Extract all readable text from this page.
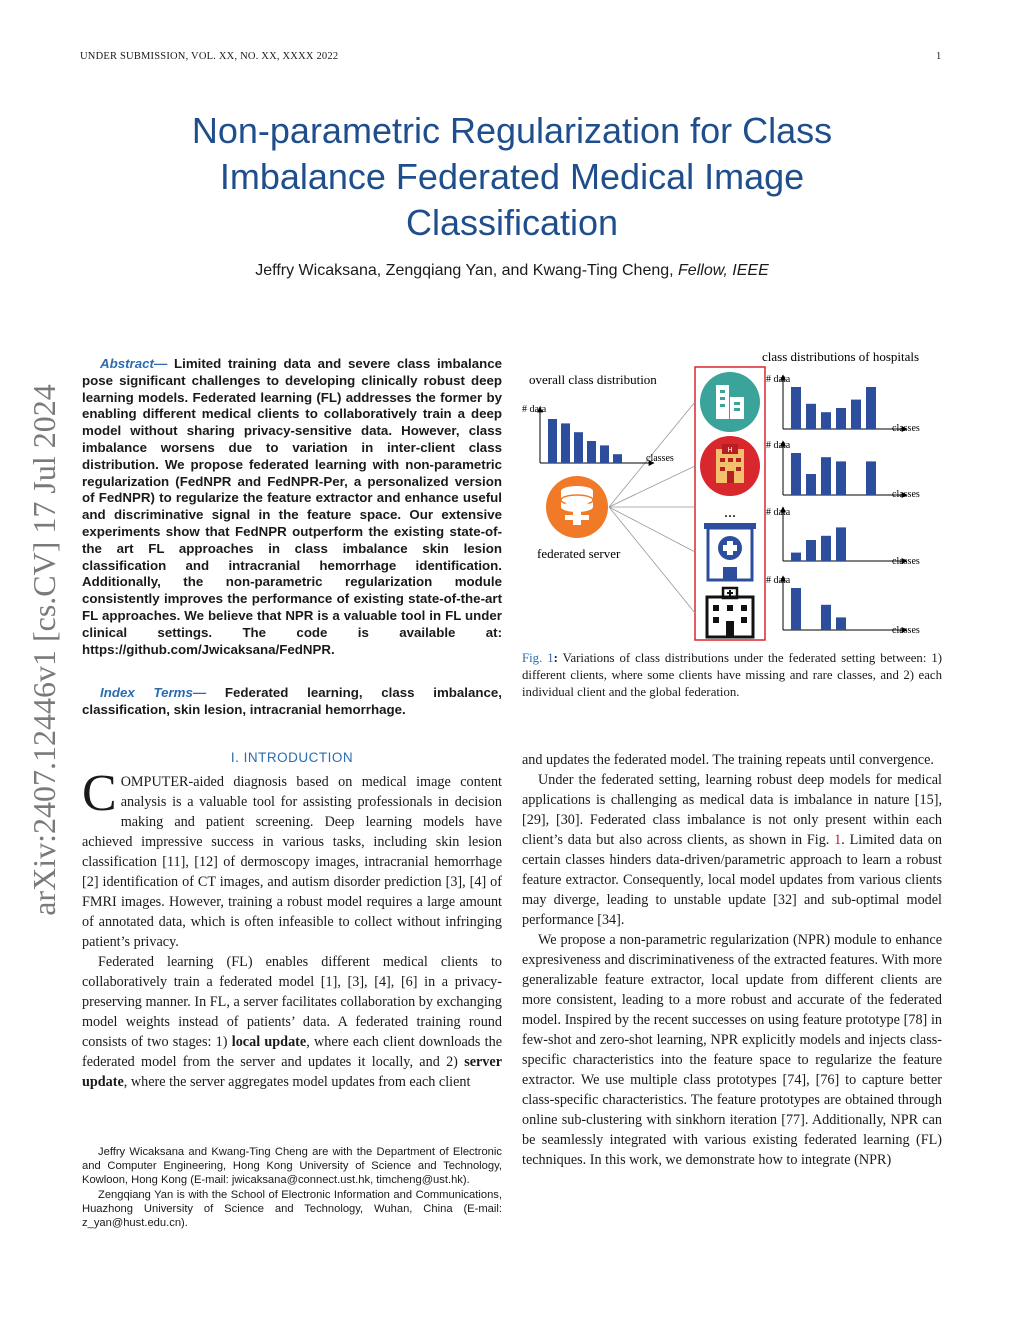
UNDER SUBMISSION, VOL. XX, NO. XX, XXXX 2022	1
Non-parametric Regularization for Class
Imbalance Federated Medical Image
Classification
Jeffry Wicaksana, Zengqiang Yan, and Kwang-Ting Cheng, Fellow, IEEE
arXiv:2407.12446v1 [cs.CV] 17 Jul 2024
Abstract— Limited training data and severe class imbalance pose significant challenges to developing clinically robust deep learning models. Federated learning (FL) addresses the former by enabling different medical clients to collaboratively train a deep model without sharing privacy-sensitive data. However, class imbalance worsens due to variation in inter-client class distribution. We propose federated learning with non-parametric regularization (FedNPR and FedNPR-Per, a personalized version of FedNPR) to regularize the feature extractor and enhance useful and discriminative signal in the feature space. Our extensive experiments show that FedNPR outperform the existing state-of-the art FL approaches in class imbalance skin lesion classification and intracranial hemorrhage identification. Additionally, the non-parametric regularization module consistently improves the performance of existing state-of-the-art FL approaches. We believe that NPR is a valuable tool in FL under clinical settings. The code is available at: https://github.com/Jwicaksana/FedNPR.
Index Terms— Federated learning, class imbalance, classification, skin lesion, intracranial hemorrhage.
I. INTRODUCTION

COMPUTER-aided diagnosis based on medical image content analysis is a valuable tool for assisting professionals in decision making and patient screening. Deep learning models have achieved impressive success in various tasks, including skin lesion classification [11], [12] of dermoscopy images, intracranial hemorrhage [2] identification of CT images, and autism disorder prediction [3], [4] of FMRI images. However, training a robust model requires a large amount of annotated data, which is often infeasible to collect without infringing patient’s privacy.

Federated learning (FL) enables different medical clients to collaboratively train a federated model [1], [3], [4], [6] in a privacy-preserving manner. In FL, a server facilitates collaboration by exchanging model weights instead of patients’ data. A federated training round consists of two stages: 1) local update, where each client downloads the federated model from the server and updates it locally, and 2) server update, where the server aggregates model updates from each client

Jeffry Wicaksana and Kwang-Ting Cheng are with the Department of Electronic and Computer Engineering, Hong Kong University of Science and Technology, Kowloon, Hong Kong (E-mail: jwicaksana@connect.ust.hk, timcheng@ust.hk).

Zengqiang Yan is with the School of Electronic Information and Communications, Huazhong University of Science and Technology, Wuhan, China (E-mail: z_yan@hust.edu.cn).

and updates the federated model. The training repeats until convergence.

Under the federated setting, learning robust deep models for medical applications is challenging as medical data is imbalance in nature [15], [29], [30]. Federated class imbalance is not only present within each client’s data but also across clients, as shown in Fig. 1. Limited data on certain classes hinders data-driven/parametric approach to learn a robust feature extractor. Consequently, local model updates from various clients may diverge, leading to unstable update [32] and sub-optimal model performance [34].

We propose a non-parametric regularization (NPR) module to enhance expresiveness and discriminativeness of the extracted features. With more generalizable feature extractor, local update from different clients are more consistent, leading to a more robust and accurate of the federated model. Inspired by the recent successes on using feature prototype [78] in few-shot and zero-shot learning, NPR explicitly models and injects class-specific characteristics into the feature space to regularize the feature extractor. We use multiple class prototypes [74], [76] to capture better class-specific characteristics. The feature prototypes are obtained through online sub-clustering with sinkhorn iteration [77]. Additionally, NPR can be seamlessly integrated with various existing federated learning (FL) techniques. In this work, we demonstrate how to integrate (NPR)

class distributions of hospitals
overall class distribution
H
...
federated server
# data
classes
# data
classes
# data
classes
# data
classes
# data
classes
Fig. 1: Variations of class distributions under the federated setting between: 1) different clients, where some clients have missing and rare classes, and 2) each individual client and the global federation.
